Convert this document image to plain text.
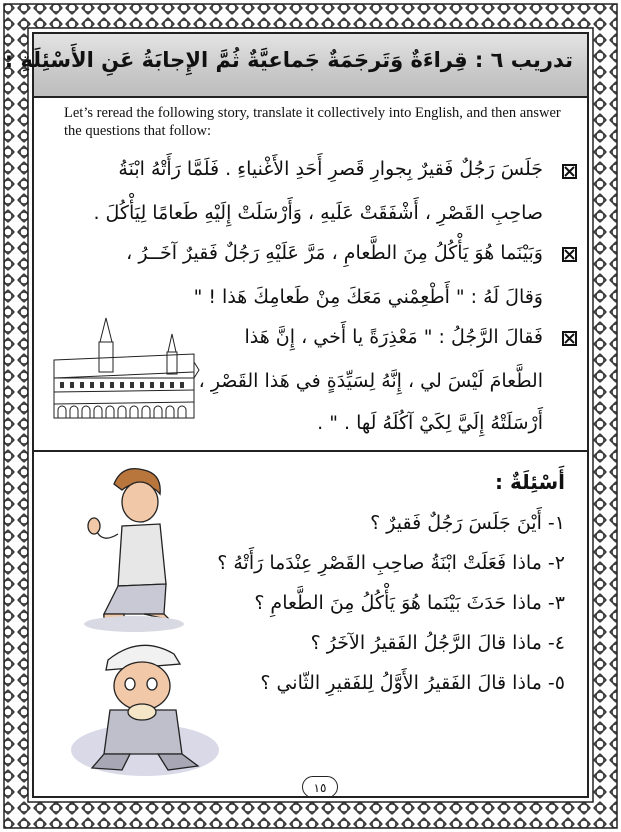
تدريب ٦ : قِراءَةٌ وَتَرجَمَةٌ جَماعيَّةٌ ثُمَّ الإِجابَةُ عَنِ الأَسْئِلَةِ :
Let’s reread the following story, translate it collectively into English, and then answer the questions that follow:
جَلَسَ رَجُلٌ فَقيرٌ بِجوارِ قَصرِ أَحَدِ الأَغْنياءِ . فَلَمَّا رَأَتْهُ ابْنَةُ
صاحِبِ القَصْرِ ، أَشْفَقَتْ عَلَيهِ ، وَأَرْسَلَتْ إِلَيْهِ طَعامًا لِيَأْكُلَ .
وَبَيْنَما هُوَ يَأْكُلُ مِنَ الطَّعامِ ، مَرَّ عَلَيْهِ رَجُلٌ فَقيرٌ آخَــرُ ،
وَقالَ لَهُ : " أَطْعِمْني مَعَكَ مِنْ طَعامِكَ هَذا ! "
فَقالَ الرَّجُلُ : " مَعْذِرَةً يا أَخي ، إِنَّ هَذا
الطَّعامَ لَيْسَ لي ، إِنَّهُ لِسَيِّدَةٍ في هَذا القَصْرِ ،
أَرْسَلَتْهُ إِلَيَّ لِكَيْ آكُلَهُ لَها . " .
أَسْئِلَةٌ :
١- أَيْنَ جَلَسَ رَجُلٌ فَقيرٌ ؟
٢- ماذا فَعَلَتْ ابْنَةُ صاحِبِ القَصْرِ عِنْدَما رَأَتْهُ ؟
٣- ماذا حَدَثَ بَيْنَما هُوَ يَأْكُلُ مِنَ الطَّعامِ ؟
٤- ماذا قالَ الرَّجُلُ الفَقيرُ الآخَرُ ؟
٥- ماذا قالَ الفَقيرُ الأَوَّلُ لِلفَقيرِ الثّاني ؟
١٥
